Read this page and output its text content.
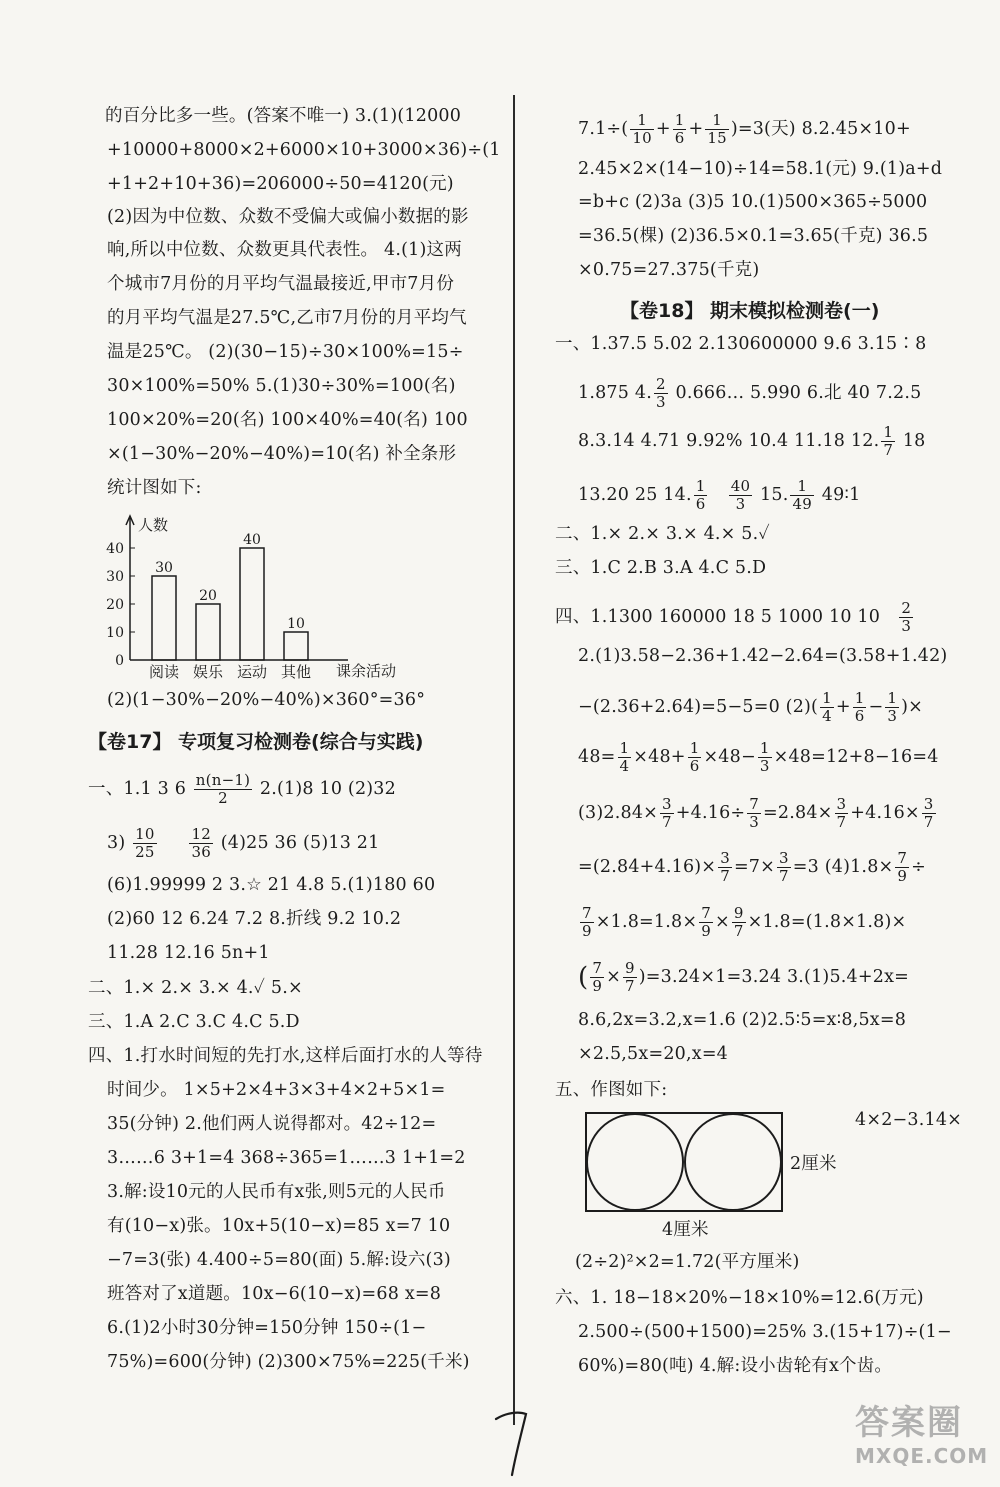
的百分比多一些。(答案不唯一) 3.(1)(12000
+10000+8000×2+6000×10+3000×36)÷(1
+1+2+10+36)=206000÷50=4120(元)
(2)因为中位数、众数不受偏大或偏小数据的影
响,所以中位数、众数更具代表性。 4.(1)这两
个城市7月份的月平均气温最接近,甲市7月份
的月平均气温是27.5℃,乙市7月份的月平均气
温是25℃。 (2)(30−15)÷30×100%=15÷
30×100%=50% 5.(1)30÷30%=100(名)
100×20%=20(名) 100×40%=40(名) 100
×(1−30%−20%−40%)=10(名) 补全条形
统计图如下:
人数
课余活动
0
10
20
30
40
30
阅读
20
娱乐
40
运动
10
其他
(2)(1−30%−20%−40%)×360°=36°
【卷17】 专项复习检测卷(综合与实践)
一、1.1 3 $6 \frac{n(n-1)}{2} 2.(1)8$ 10 (2)32
$3) \frac{10}{25}$
$\frac{12}{36} (4)25$ 36 (5)13 21
(6)1.99999 2 3.☆ 21 4.8 5.(1)180 60
(2)60 12 6.24 7.2 8.折线 9.2 10.2
11.28 12.16 5n+1
二、1.× 2.× 3.× 4.✓ 5.×
三、1.A 2.C 3.C 4.C 5.D
四、1.打水时间短的先打水,这样后面打水的人等待
时间少。 1×5+2×4+3×3+4×2+5×1=
35(分钟) 2.他们两人说得都对。42÷12=
3……6 3+1=4 368÷365=1……3 1+1=2
3.解:设10元的人民币有x张,则5元的人民币
有(10−x)张。10x+5(10−x)=85 x=7 10
−7=3(张) 4.400÷5=80(面) 5.解:设六(3)
班答对了x道题。10x−6(10−x)=68 x=8
6.(1)2小时30分钟=150分钟 150÷(1−
75%)=600(分钟) (2)300×75%=225(千米)
$7.1\div( \frac{1}{10} + \frac{1}{6} + \frac{1}{15} )=3$(天) 8.2.45×10+
2.45×2×(14−10)÷14=58.1(元) 9.(1)a+d
=b+c (2)3a (3)5 10.(1)500×365÷5000
=36.5(棵) (2)36.5×0.1=3.65(千克) 36.5
×0.75=27.375(千克)
【卷18】 期末模拟检测卷(一)
一、1.37.5 5.02 2.130600000 9.6 3.15∶8
1.875 4. $\frac{2}{3}$ 0.666… 5.990 6.北 40 7.2.5
8.3.14 4.71 9.92% 10.4 11.18 12. $\frac{1}{7} 18$
13.20 25 14. $\frac{1}{6}$
$\frac{40}{3} 15$. $\frac{1}{49}$ 49∶1
二、1.× 2.× 3.× 4.× 5.✓
三、1.C 2.B 3.A 4.C 5.D
四、1.1300 160000 18 5 1000 10 $10 \frac{2}{3}$
2.(1)3.58−2.36+1.42−2.64=(3.58+1.42)
−(2.36+2.64)=5−5=0 $(2)( \frac{1}{4} + \frac{1}{6} - \frac{1}{3}$ )×
$48= \frac{1}{4} \times 48+ \frac{1}{6} \times 48- \frac{1}{3} \times 48=12+8-16=4$
$(3)2.84\times \frac{3}{7} +4.16\div \frac{7}{3} =2.84\times \frac{3}{7} +4.16\times \frac{3}{7}$
$=(2.84+4.16)\times \frac{3}{7} =7\times \frac{3}{7} =3$ $(4)1.8\times \frac{7}{9}$ ÷
$\frac{7}{9} \times 1.8=1.8\times \frac{7}{9} \times \frac{9}{7} \times 1.8=(1.8\times 1.8)\times$
( $\frac{7}{9} \times \frac{9}{7} )=3.24\times 1=3.24$ 3.(1)5.4+2x=
8.6,2x=3.2,x=1.6 (2)2.5∶5=x∶8,5x=8
×2.5,5x=20,x=4
五、作图如下:
4×2−3.14×
2厘米
4厘米
(2÷2)²×2=1.72(平方厘米)
六、1. 18−18×20%−18×10%=12.6(万元)
2.500÷(500+1500)=25% 3.(15+17)÷(1−
60%)=80(吨) 4.解:设小齿轮有x个齿。
答案圈
MXQE.COM
